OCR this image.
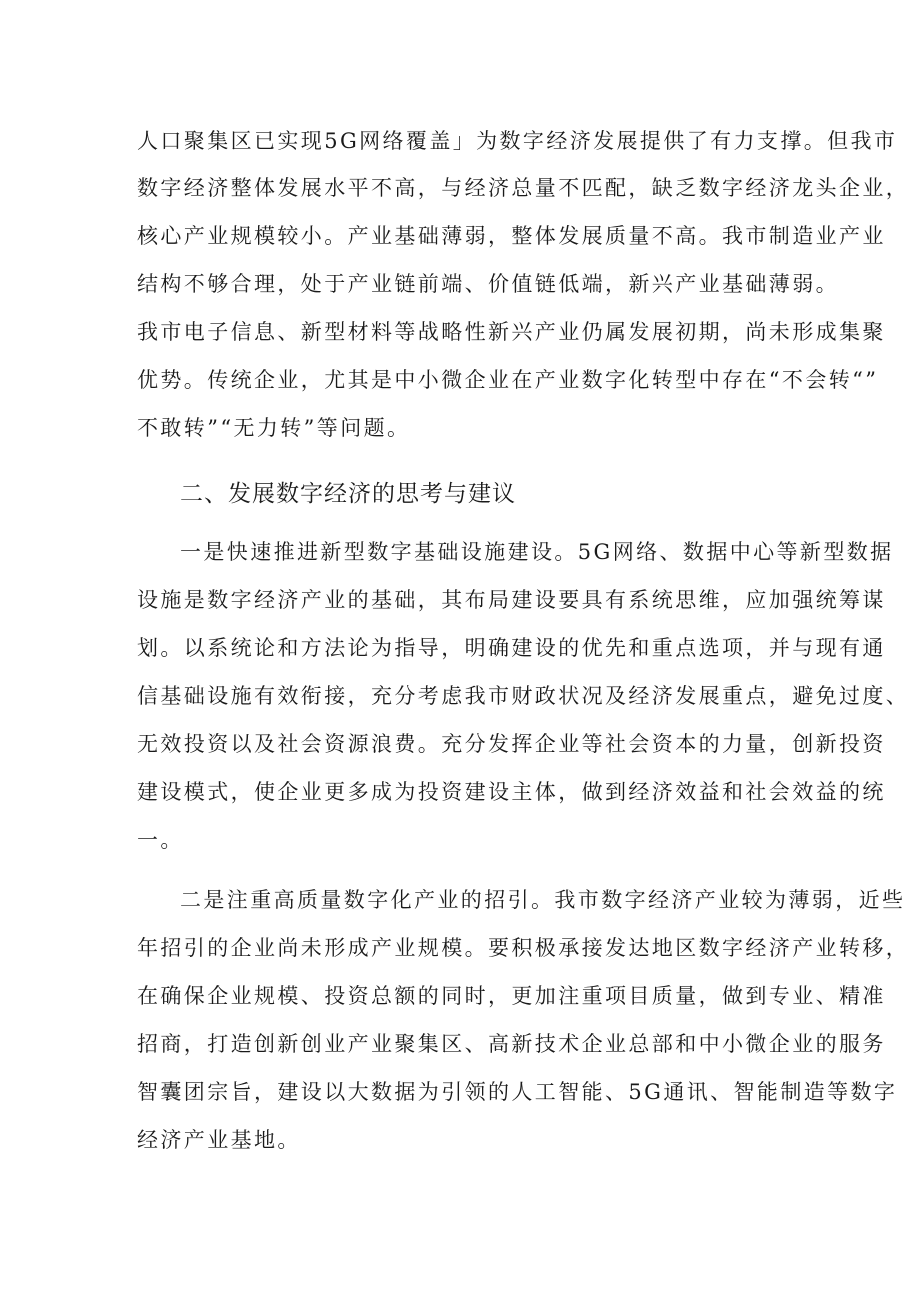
人口聚集区已实现5G网络覆盖」为数字经济发展提供了有力支撑。但我市
数字经济整体发展水平不高，与经济总量不匹配，缺乏数字经济龙头企业，
核心产业规模较小。产业基础薄弱，整体发展质量不高。我市制造业产业
结构不够合理，处于产业链前端、价值链低端，新兴产业基础薄弱。
我市电子信息、新型材料等战略性新兴产业仍属发展初期，尚未形成集聚
优势。传统企业，尤其是中小微企业在产业数字化转型中存在“不会转“”
不敢转”“无力转”等问题。
二、发展数字经济的思考与建议
一是快速推进新型数字基础设施建设。5G网络、数据中心等新型数据
设施是数字经济产业的基础，其布局建设要具有系统思维，应加强统筹谋
划。以系统论和方法论为指导，明确建设的优先和重点选项，并与现有通
信基础设施有效衔接，充分考虑我市财政状况及经济发展重点，避免过度、
无效投资以及社会资源浪费。充分发挥企业等社会资本的力量，创新投资
建设模式，使企业更多成为投资建设主体，做到经济效益和社会效益的统
一。
二是注重高质量数字化产业的招引。我市数字经济产业较为薄弱，近些
年招引的企业尚未形成产业规模。要积极承接发达地区数字经济产业转移，
在确保企业规模、投资总额的同时，更加注重项目质量，做到专业、精准
招商，打造创新创业产业聚集区、高新技术企业总部和中小微企业的服务
智囊团宗旨，建设以大数据为引领的人工智能、5G通讯、智能制造等数字
经济产业基地。
